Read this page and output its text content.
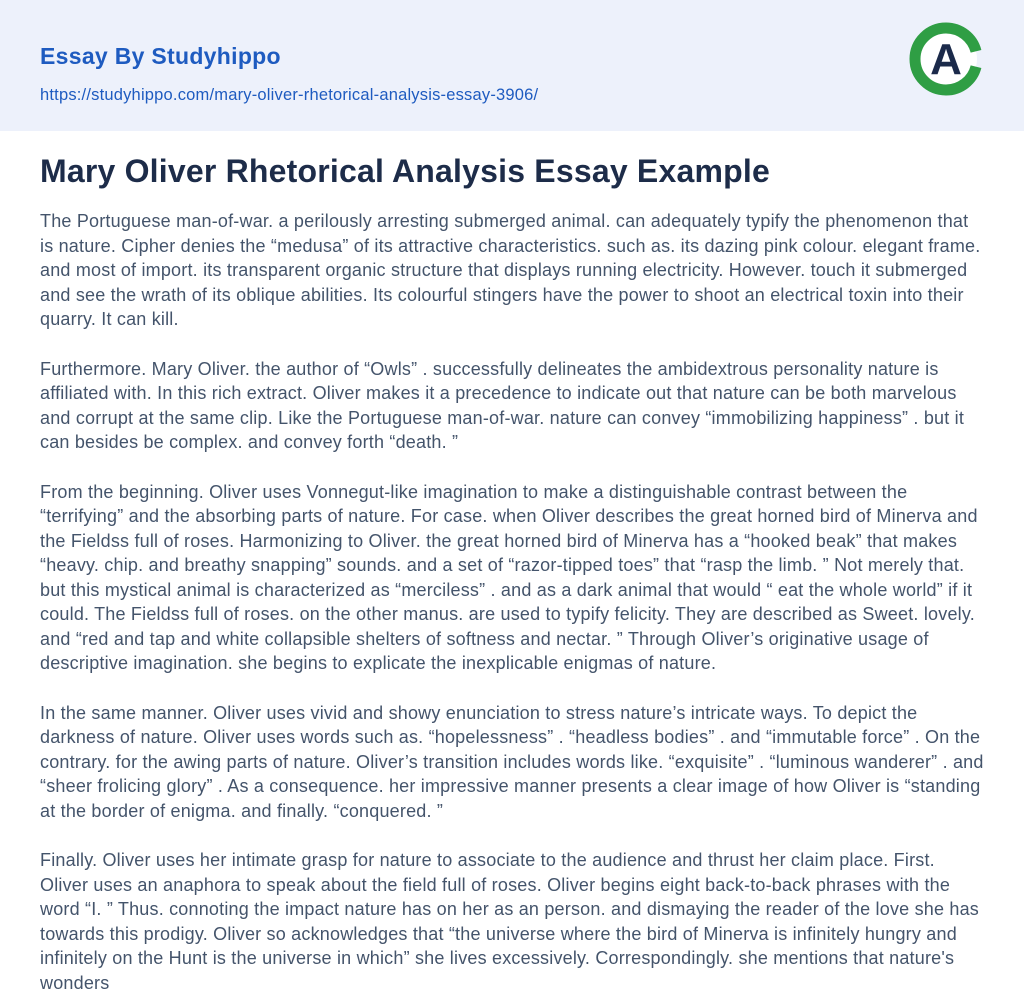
Essay By Studyhippo
https://studyhippo.com/mary-oliver-rhetorical-analysis-essay-3906/
A
Mary Oliver Rhetorical Analysis Essay Example

The Portuguese man-of-war. a perilously arresting submerged animal. can adequately typify the phenomenon that is nature. Cipher denies the “medusa” of its attractive characteristics. such as. its dazing pink colour. elegant frame. and most of import. its transparent organic structure that displays running electricity. However. touch it submerged and see the wrath of its oblique abilities. Its colourful stingers have the power to shoot an electrical toxin into their quarry. It can kill.

Furthermore. Mary Oliver. the author of “Owls” . successfully delineates the ambidextrous personality nature is affiliated with. In this rich extract. Oliver makes it a precedence to indicate out that nature can be both marvelous and corrupt at the same clip. Like the Portuguese man-of-war. nature can convey “immobilizing happiness” . but it can besides be complex. and convey forth “death. ”

From the beginning. Oliver uses Vonnegut-like imagination to make a distinguishable contrast between the “terrifying” and the absorbing parts of nature. For case. when Oliver describes the great horned bird of Minerva and the Fieldss full of roses. Harmonizing to Oliver. the great horned bird of Minerva has a “hooked beak” that makes “heavy. chip. and breathy snapping” sounds. and a set of “razor-tipped toes” that “rasp the limb. ” Not merely that. but this mystical animal is characterized as “merciless” . and as a dark animal that would “ eat the whole world” if it could. The Fieldss full of roses. on the other manus. are used to typify felicity. They are described as Sweet. lovely. and “red and tap and white collapsible shelters of softness and nectar. ” Through Oliver’s originative usage of descriptive imagination. she begins to explicate the inexplicable enigmas of nature.

In the same manner. Oliver uses vivid and showy enunciation to stress nature’s intricate ways. To depict the darkness of nature. Oliver uses words such as. “hopelessness” . “headless bodies” . and “immutable force” . On the contrary. for the awing parts of nature. Oliver’s transition includes words like. “exquisite” . “luminous wanderer” . and “sheer frolicing glory” . As a consequence. her impressive manner presents a clear image of how Oliver is “standing at the border of enigma. and finally. “conquered. ”

Finally. Oliver uses her intimate grasp for nature to associate to the audience and thrust her claim place. First. Oliver uses an anaphora to speak about the field full of roses. Oliver begins eight back-to-back phrases with the word “I. ” Thus. connoting the impact nature has on her as an person. and dismaying the reader of the love she has towards this prodigy. Oliver so acknowledges that “the universe where the bird of Minerva is infinitely hungry and infinitely on the Hunt is the universe in which” she lives excessively. Correspondingly. she mentions that nature's wonders
